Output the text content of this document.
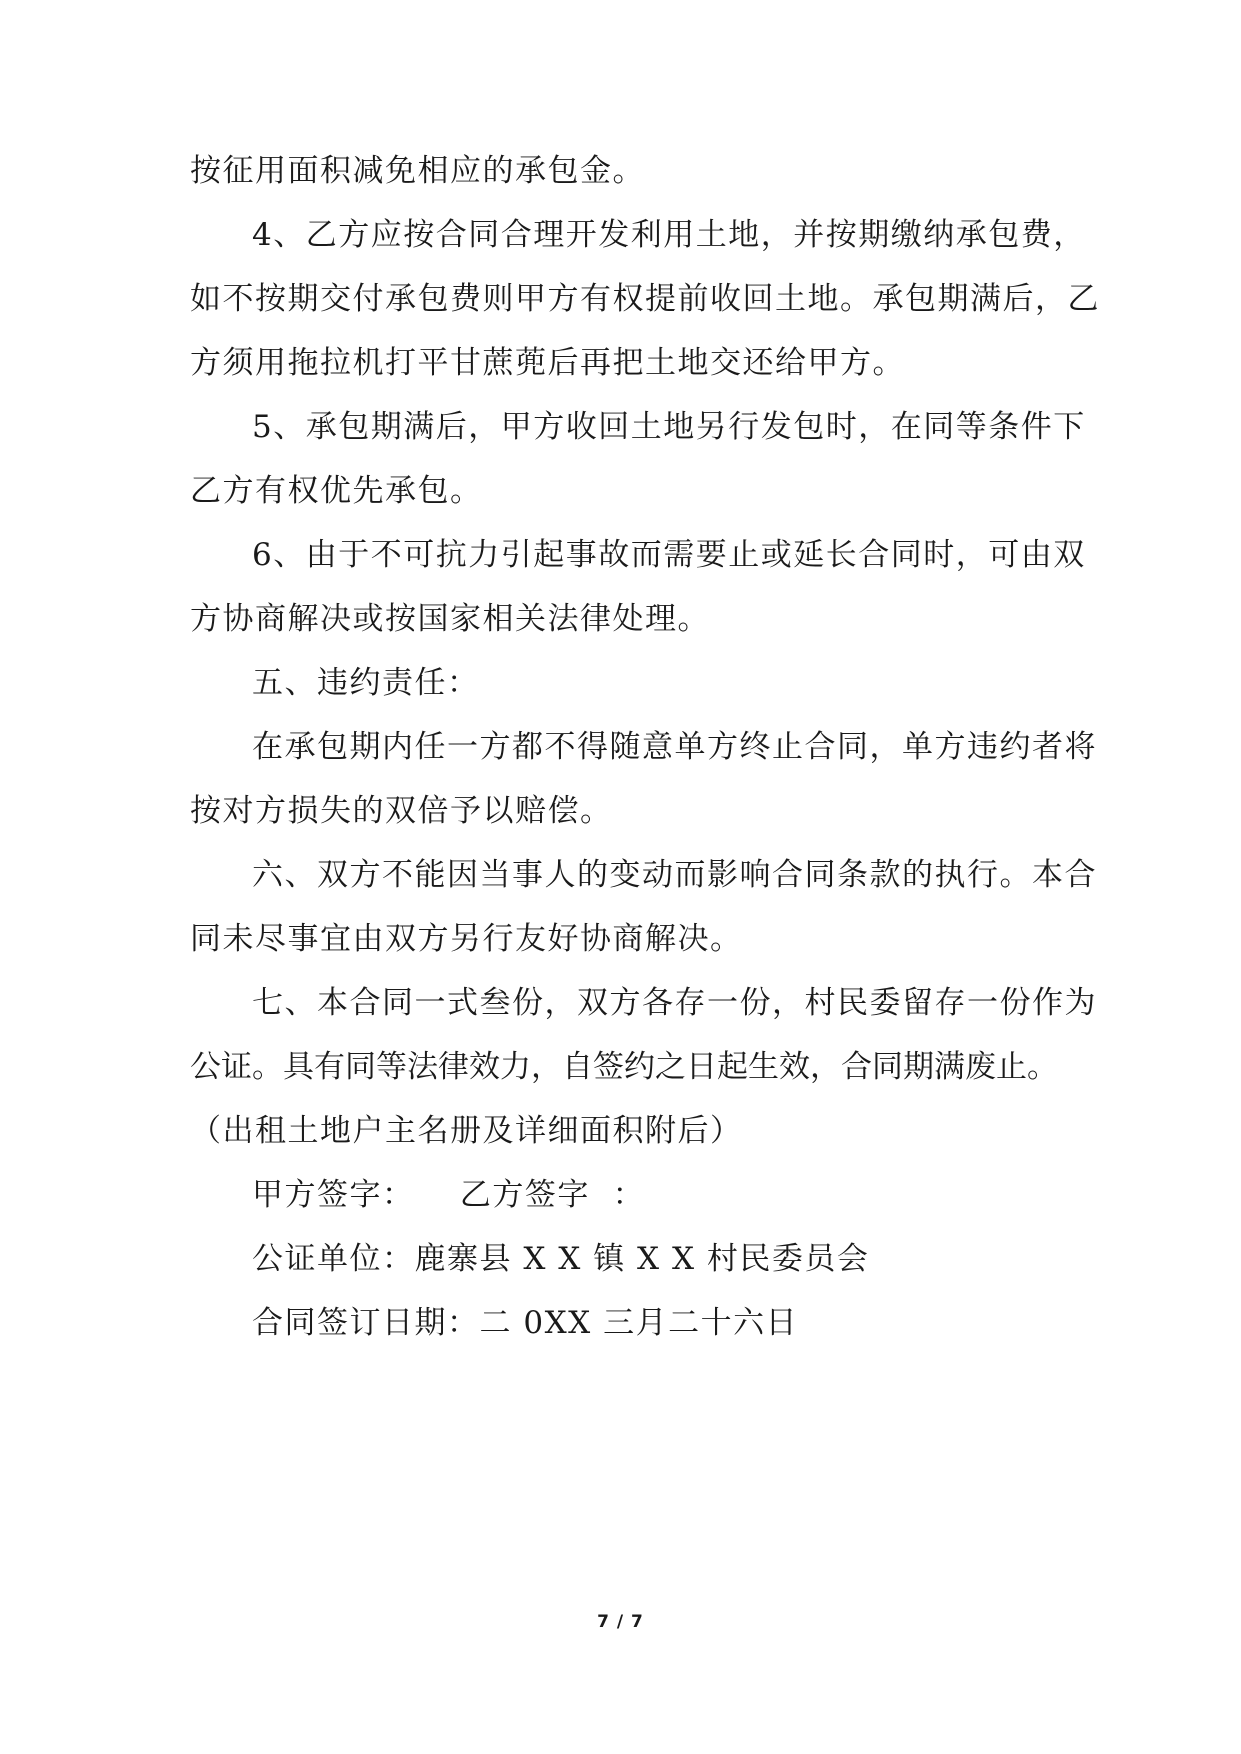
按征用面积减免相应的承包金。
4、乙方应按合同合理开发利用土地，并按期缴纳承包费，
如不按期交付承包费则甲方有权提前收回土地。承包期满后，乙
方须用拖拉机打平甘蔗蔸后再把土地交还给甲方。
5、承包期满后，甲方收回土地另行发包时，在同等条件下
乙方有权优先承包。
6、由于不可抗力引起事故而需要止或延长合同时，可由双
方协商解决或按国家相关法律处理。
五、违约责任：
在承包期内任一方都不得随意单方终止合同，单方违约者将
按对方损失的双倍予以赔偿。
六、双方不能因当事人的变动而影响合同条款的执行。本合
同未尽事宜由双方另行友好协商解决。
七、本合同一式叁份，双方各存一份，村民委留存一份作为
公证。具有同等法律效力，自签约之日起生效，合同期满废止。
（出租土地户主名册及详细面积附后）
甲方签字：    乙方签字  ：
公证单位：鹿寨县 X X 镇 X X 村民委员会
合同签订日期：二 0XX 三月二十六日
7 / 7
